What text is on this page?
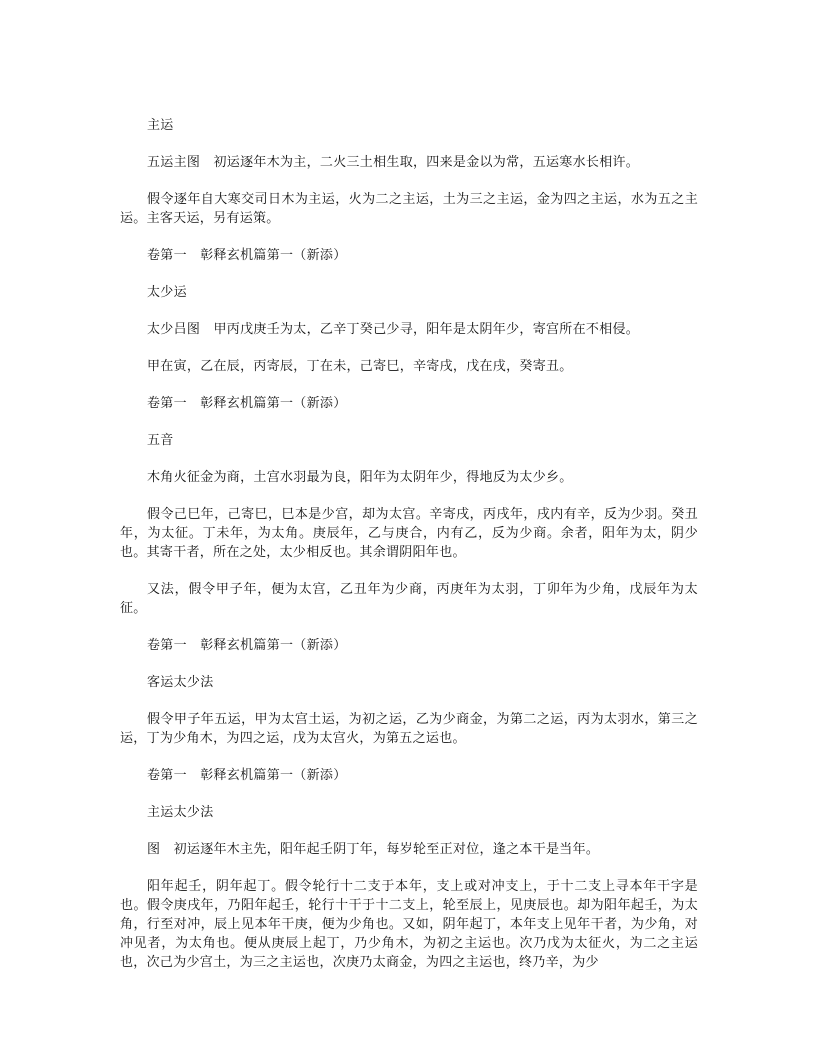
主运

五运主图　初运逐年木为主，二火三土相生取，四来是金以为常，五运寒水长相许。

假令逐年自大寒交司日木为主运，火为二之主运，土为三之主运，金为四之主运，水为五之主运。主客天运，另有运策。

卷第一　彰释玄机篇第一（新添）

太少运

太少吕图　甲丙戊庚壬为太，乙辛丁癸己少寻，阳年是太阴年少，寄宫所在不相侵。

甲在寅，乙在辰，丙寄辰，丁在未，己寄巳，辛寄戌，戊在戌，癸寄丑。

卷第一　彰释玄机篇第一（新添）

五音

木角火征金为商，土宫水羽最为良，阳年为太阴年少，得地反为太少乡。

假令己巳年，己寄巳，巳本是少宫，却为太宫。辛寄戌，丙戌年，戌内有辛，反为少羽。癸丑年，为太征。丁未年，为太角。庚辰年，乙与庚合，内有乙，反为少商。余者，阳年为太，阴少也。其寄干者，所在之处，太少相反也。其余谓阴阳年也。

又法，假令甲子年，便为太宫，乙丑年为少商，丙庚年为太羽，丁卯年为少角，戊辰年为太征。

卷第一　彰释玄机篇第一（新添）

客运太少法

假令甲子年五运，甲为太宫土运，为初之运，乙为少商金，为第二之运，丙为太羽水，第三之运，丁为少角木，为四之运，戊为太宫火，为第五之运也。

卷第一　彰释玄机篇第一（新添）

主运太少法

图　初运逐年木主先，阳年起壬阴丁年，每岁轮至正对位，逢之本干是当年。

阳年起壬，阴年起丁。假令轮行十二支于本年，支上或对冲支上，于十二支上寻本年干字是也。假令庚戌年，乃阳年起壬，轮行十干于十二支上，轮至辰上，见庚辰也。却为阳年起壬，为太角，行至对冲，辰上见本年干庚，便为少角也。又如，阴年起丁，本年支上见年干者，为少角，对冲见者，为太角也。便从庚辰上起丁，乃少角木，为初之主运也。次乃戊为太征火，为二之主运也，次己为少宫土，为三之主运也，次庚乃太商金，为四之主运也，终乃辛，为少
